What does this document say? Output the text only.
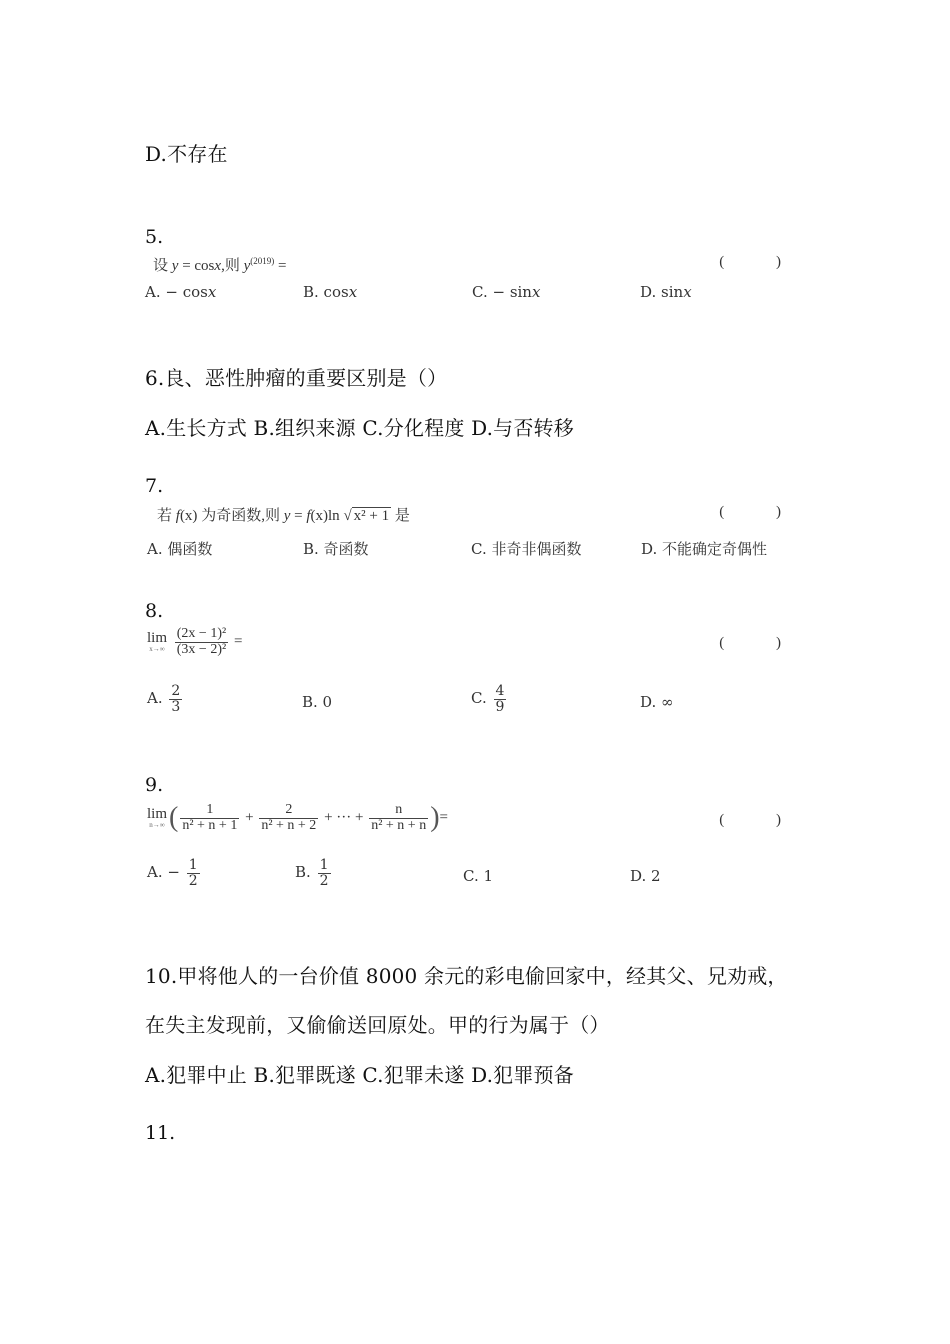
D.不存在
5.
设 y = cosx,则 $y^{(2019)}$ =	( )
A. − cosx	B. cosx	C. − sinx	D. sinx
6.良、恶性肿瘤的重要区别是（）
A.生长方式 B.组织来源 C.分化程度 D.与否转移
7.
若 f(x) 为奇函数,则 y = f(x)ln √ x² + 1 是	( )
A. 偶函数	B. 奇函数	C. 非奇非偶函数	D. 不能确定奇偶性
8.
lim
x→∞
$\frac{\text{(2x − 1)²}}{\text{(3x − 2)²}}$ =	( )
A. $\frac{2}{3}$	B. 0	C. $\frac{4}{9}$	D. ∞
9.
lim
n→∞ ( $\frac{1}{\text{n² + n + 1}} + \frac{2}{\text{n² + n + 2}}$ + ··· + $\frac{n}{\text{n² + n + n}}$ )=	( )
A. − $\frac{1}{2}$	B. $\frac{1}{2}$	C. 1	D. 2
10.甲将他人的一台价值 8000 余元的彩电偷回家中，经其父、兄劝戒，
在失主发现前，又偷偷送回原处。甲的行为属于（）
A.犯罪中止 B.犯罪既遂 C.犯罪未遂 D.犯罪预备
11.
